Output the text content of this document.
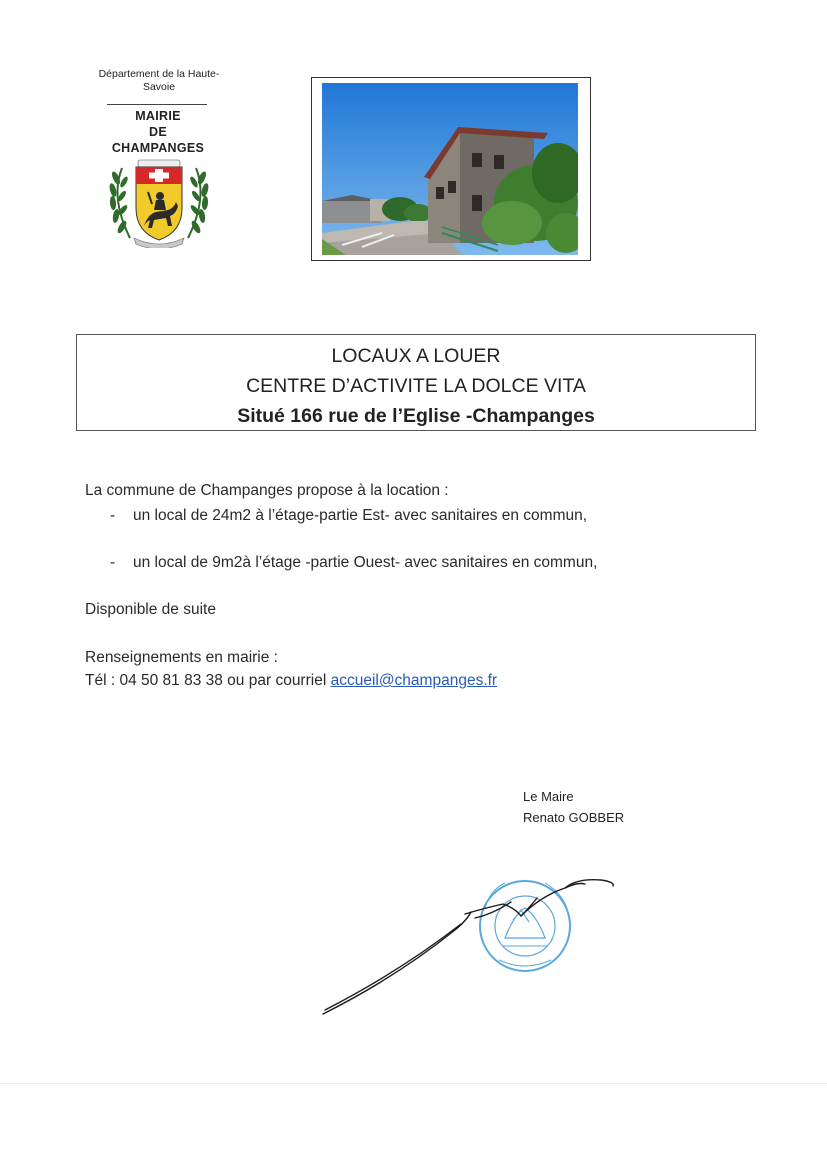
Département de la Haute-Savoie
MAIRIE
DE
CHAMPANGES
LOCAUX A LOUER
CENTRE D’ACTIVITE LA DOLCE VITA
Situé 166 rue de l’Eglise -Champanges
La commune de Champanges propose à la location :
- un local de 24m2 à l’étage-partie Est- avec sanitaires en commun,
- un local de 9m2à l’étage -partie Ouest- avec sanitaires en commun,
Disponible de suite
Renseignements en mairie :
Tél : 04 50 81 83 38 ou par courriel accueil@champanges.fr
Le Maire
Renato GOBBER
